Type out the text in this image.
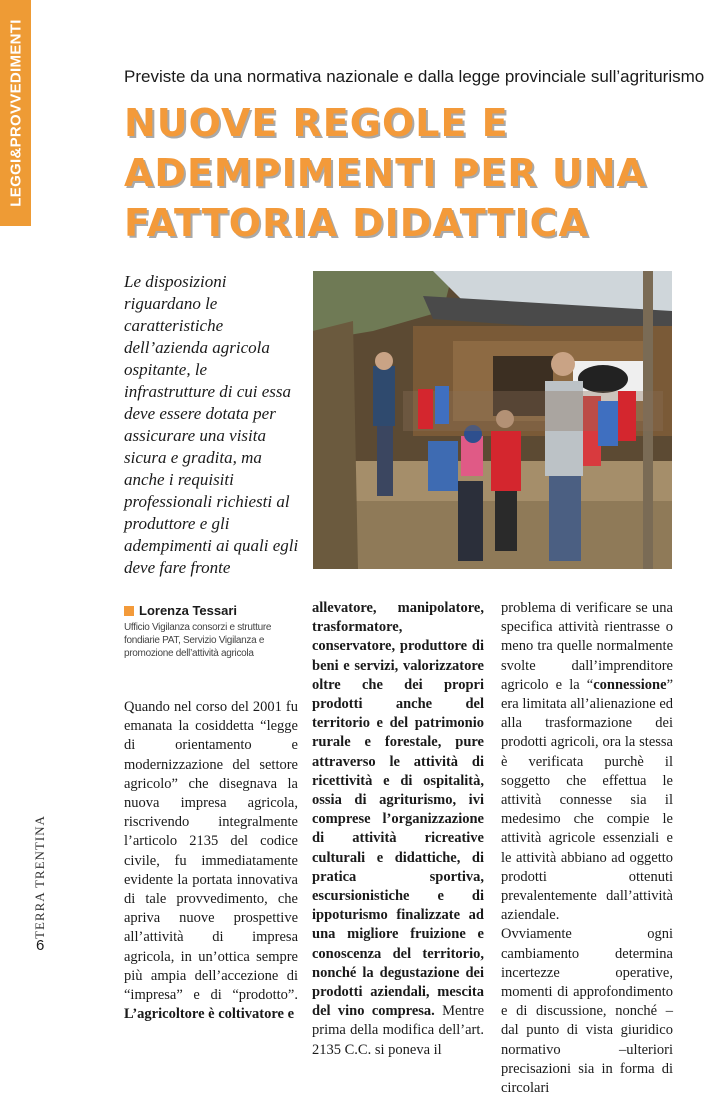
LEGGI&PROVVEDIMENTI	Previste da una normativa nazionale e dalla legge provinciale sull’agriturismo
NUOVE REGOLE E ADEMPIMENTI PER UNA FATTORIA DIDATTICA

Le disposizioni riguardano le caratteristiche dell’azienda agricola ospitante, le infrastrutture di cui essa deve essere dotata per assicurare una visita sicura e gradita, ma anche i requisiti professionali richiesti al produttore e gli adempimenti ai quali egli deve fare fronte

Lorenza Tessari
Ufficio Vigilanza consorzi e strutture fondiarie PAT, Servizio Vigilanza e promozione dell’attività agricola

Quando nel corso del 2001 fu emanata la cosiddetta “legge di orientamento e modernizzazione del settore agricolo” che disegnava la nuova impresa agricola, riscrivendo integralmente l’articolo 2135 del codice civile, fu immediatamente evidente la portata innovativa di tale provvedimento, che apriva nuove prospettive all’attività di impresa agricola, in un’ottica sempre più ampia dell’accezione di “impresa” e di “prodotto”. L’agricoltore è coltivatore e

allevatore, manipolatore, trasformatore, conservatore, produttore di beni e servizi, valorizzatore oltre che dei propri prodotti anche del territorio e del patrimonio rurale e forestale, pure attraverso le attività di ricettività e di ospitalità, ossia di agriturismo, ivi comprese l’organizzazione di attività ricreative culturali e didattiche, di pratica sportiva, escursionistiche e di ippoturismo finalizzate ad una migliore fruizione e conoscenza del territorio, nonché la degustazione dei prodotti aziendali, mescita del vino compresa. Mentre prima della modifica dell’art. 2135 C.C. si poneva il

problema di verificare se una specifica attività rientrasse o meno tra quelle normalmente svolte dall’imprenditore agricolo e la “connessione” era limitata all’alienazione ed alla trasformazione dei prodotti agricoli, ora la stessa è verificata purchè il soggetto che effettua le attività connesse sia il medesimo che compie le attività agricole essenziali e le attività abbiano ad oggetto prodotti ottenuti prevalentemente dall’attività aziendale.

Ovviamente ogni cambiamento determina incertezze operative, momenti di approfondimento e di discussione, nonché – dal punto di vista giuridico normativo –ulteriori precisazioni sia in forma di circolari

TERRA TRENTINA
6
